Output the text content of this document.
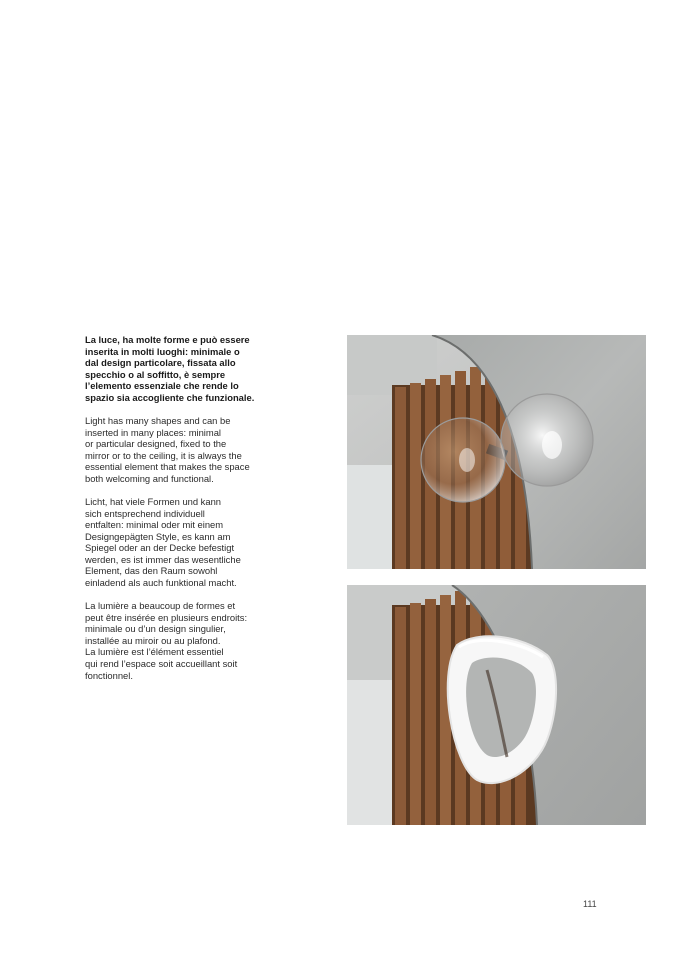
La luce, ha molte forme e può essere
inserita in molti luoghi: minimale o
dal design particolare, fissata allo
specchio o al soffitto, è sempre
l’elemento essenziale che rende lo
spazio sia accogliente che funzionale.

Light has many shapes and can be
inserted in many places: minimal
or particular designed, fixed to the
mirror or to the ceiling, it is always the
essential element that makes the space
both welcoming and functional.

Licht, hat viele Formen und kann
sich entsprechend individuell
entfalten: minimal oder mit einem
Designgepägten Style, es kann am
Spiegel oder an der Decke befestigt
werden, es ist immer das wesentliche
Element, das den Raum sowohl
einladend als auch funktional macht.

La lumière a beaucoup de formes et
peut être insérée en plusieurs endroits:
minimale ou d’un design singulier,
installée au miroir ou au plafond.
La lumière est l’élément essentiel
qui rend l’espace soit accueillant soit
fonctionnel.

111
